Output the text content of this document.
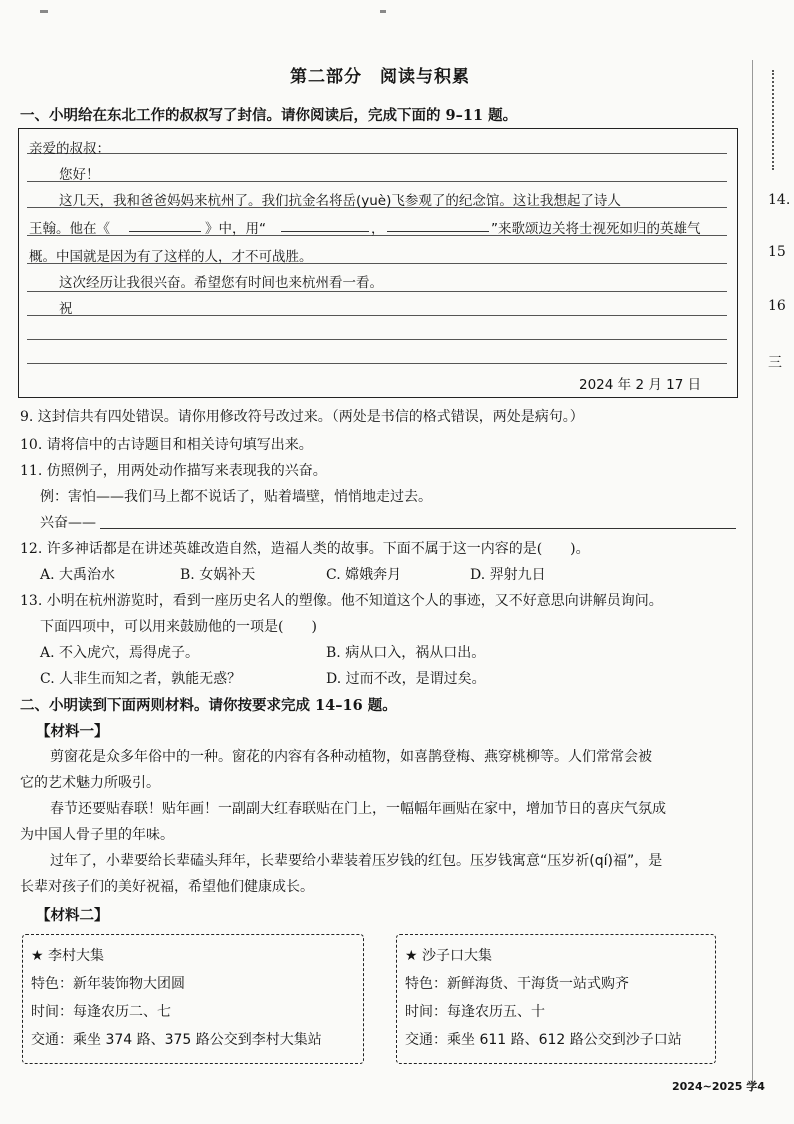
第二部分　阅读与积累
一、小明给在东北工作的叔叔写了封信。请你阅读后，完成下面的 9–11 题。
亲爱的叔叔：
您好！
这几天，我和爸爸妈妈来杭州了。我们抗金名将岳(yuè)飞参观了的纪念馆。这让我想起了诗人
王翰。他在《	》中，用“	，	”来歌颂边关将士视死如归的英雄气
概。中国就是因为有了这样的人，才不可战胜。
这次经历让我很兴奋。希望您有时间也来杭州看一看。
祝
2024 年 2 月 17 日
9. 这封信共有四处错误。请你用修改符号改过来。（两处是书信的格式错误，两处是病句。）
10. 请将信中的古诗题目和相关诗句填写出来。
11. 仿照例子，用两处动作描写来表现我的兴奋。
例：害怕——我们马上都不说话了，贴着墙壁，悄悄地走过去。
兴奋——
12. 许多神话都是在讲述英雄改造自然，造福人类的故事。下面不属于这一内容的是(　　)。
A. 大禹治水	B. 女娲补天	C. 嫦娥奔月	D. 羿射九日
13. 小明在杭州游览时，看到一座历史名人的塑像。他不知道这个人的事迹，又不好意思向讲解员询问。
下面四项中，可以用来鼓励他的一项是(　　)
A. 不入虎穴，焉得虎子。	B. 病从口入，祸从口出。
C. 人非生而知之者，孰能无惑？	D. 过而不改，是谓过矣。
二、小明读到下面两则材料。请你按要求完成 14–16 题。
【材料一】
剪窗花是众多年俗中的一种。窗花的内容有各种动植物，如喜鹊登梅、燕穿桃柳等。人们常常会被
它的艺术魅力所吸引。
春节还要贴春联！贴年画！一副副大红春联贴在门上，一幅幅年画贴在家中，增加节日的喜庆气氛成
为中国人骨子里的年味。
过年了，小辈要给长辈磕头拜年，长辈要给小辈装着压岁钱的红包。压岁钱寓意“压岁祈(qí)福”，是
长辈对孩子们的美好祝福，希望他们健康成长。
【材料二】
★ 李村大集
特色：新年装饰物大团圆
时间：每逢农历二、七
交通：乘坐 374 路、375 路公交到李村大集站
★ 沙子口大集
特色：新鲜海货、干海货一站式购齐
时间：每逢农历五、十
交通：乘坐 611 路、612 路公交到沙子口站
14.
15
16
三
2024~2025 学4
